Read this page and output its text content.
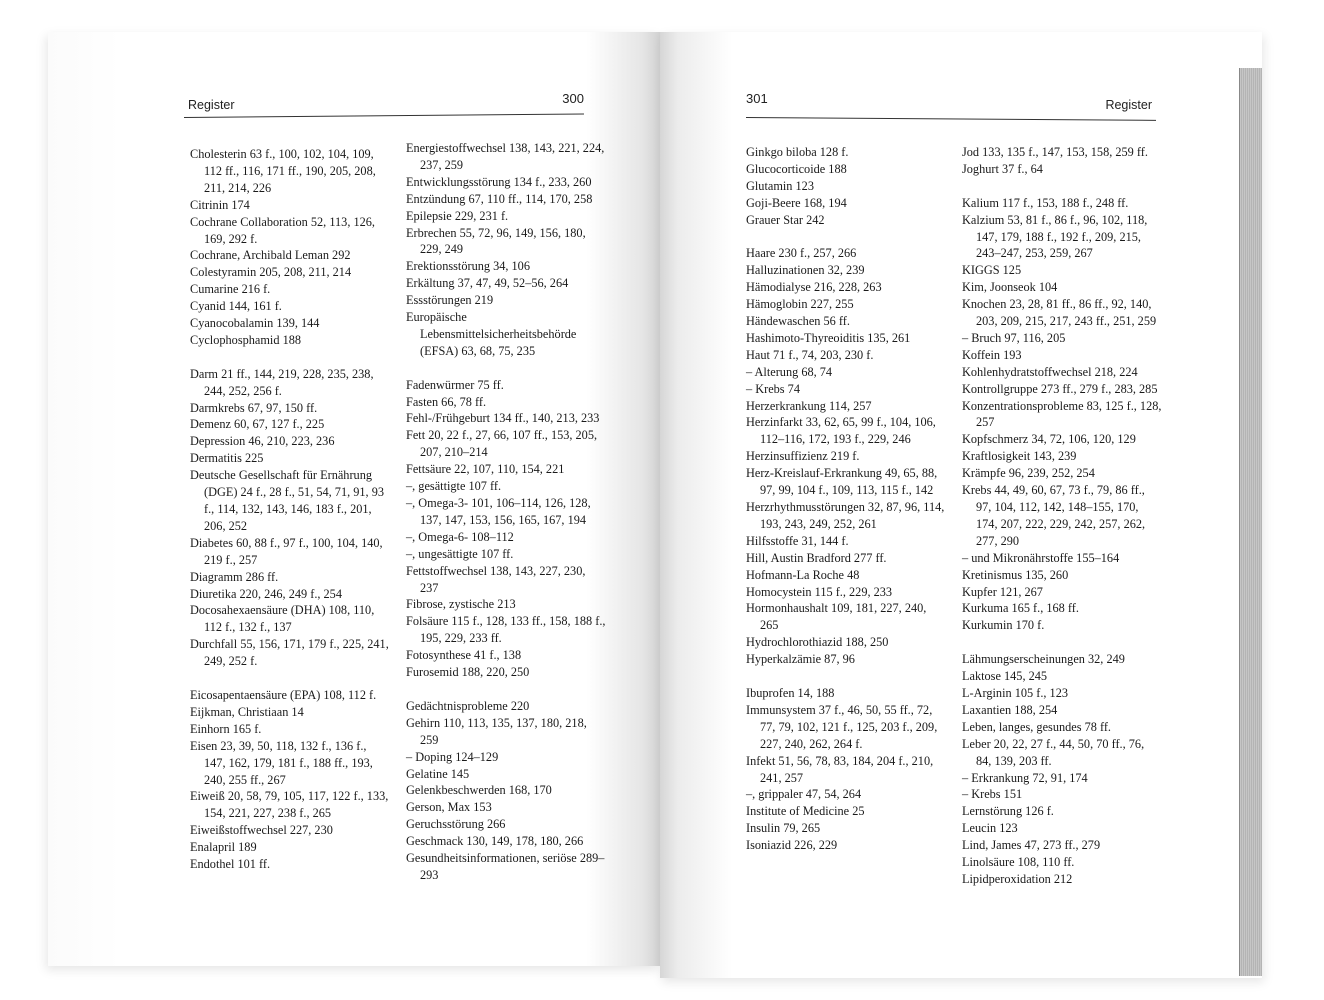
Register	300

Cholesterin 63 f., 100, 102, 104, 109, 112 ff., 116, 171 ff., 190, 205, 208, 211, 214, 226

Citrinin 174

Cochrane Collaboration 52, 113, 126, 169, 292 f.

Cochrane, Archibald Leman 292

Colestyramin 205, 208, 211, 214

Cumarine 216 f.

Cyanid 144, 161 f.

Cyanocobalamin 139, 144

Cyclophosphamid 188

Darm 21 ff., 144, 219, 228, 235, 238, 244, 252, 256 f.

Darmkrebs 67, 97, 150 ff.

Demenz 60, 67, 127 f., 225

Depression 46, 210, 223, 236

Dermatitis 225

Deutsche Gesellschaft für Ernährung (DGE) 24 f., 28 f., 51, 54, 71, 91, 93 f., 114, 132, 143, 146, 183 f., 201, 206, 252

Diabetes 60, 88 f., 97 f., 100, 104, 140, 219 f., 257

Diagramm 286 ff.

Diuretika 220, 246, 249 f., 254

Docosahexaensäure (DHA) 108, 110, 112 f., 132 f., 137

Durchfall 55, 156, 171, 179 f., 225, 241, 249, 252 f.

Eicosapentaensäure (EPA) 108, 112 f.

Eijkman, Christiaan 14

Einhorn 165 f.

Eisen 23, 39, 50, 118, 132 f., 136 f., 147, 162, 179, 181 f., 188 ff., 193, 240, 255 ff., 267

Eiweiß 20, 58, 79, 105, 117, 122 f., 133, 154, 221, 227, 238 f., 265

Eiweißstoffwechsel 227, 230

Enalapril 189

Endothel 101 ff.

Energiestoffwechsel 138, 143, 221, 224, 237, 259

Entwicklungsstörung 134 f., 233, 260

Entzündung 67, 110 ff., 114, 170, 258

Epilepsie 229, 231 f.

Erbrechen 55, 72, 96, 149, 156, 180, 229, 249

Erektionsstörung 34, 106

Erkältung 37, 47, 49, 52–56, 264

Essstörungen 219

Europäische Lebensmittelsicherheitsbehörde (EFSA) 63, 68, 75, 235

Fadenwürmer 75 ff.

Fasten 66, 78 ff.

Fehl-/Frühgeburt 134 ff., 140, 213, 233

Fett 20, 22 f., 27, 66, 107 ff., 153, 205, 207, 210–214

Fettsäure 22, 107, 110, 154, 221

–, gesättigte 107 ff.

–, Omega-3- 101, 106–114, 126, 128, 137, 147, 153, 156, 165, 167, 194

–, Omega-6- 108–112

–, ungesättigte 107 ff.

Fettstoffwechsel 138, 143, 227, 230, 237

Fibrose, zystische 213

Folsäure 115 f., 128, 133 ff., 158, 188 f., 195, 229, 233 ff.

Fotosynthese 41 f., 138

Furosemid 188, 220, 250

Gedächtnisprobleme 220

Gehirn 110, 113, 135, 137, 180, 218, 259

– Doping 124–129

Gelatine 145

Gelenkbeschwerden 168, 170

Gerson, Max 153

Geruchsstörung 266

Geschmack 130, 149, 178, 180, 266

Gesundheitsinformationen, seriöse 289–293

301	Register

Ginkgo biloba 128 f.

Glucocorticoide 188

Glutamin 123

Goji-Beere 168, 194

Grauer Star 242

Haare 230 f., 257, 266

Halluzinationen 32, 239

Hämodialyse 216, 228, 263

Hämoglobin 227, 255

Händewaschen 56 ff.

Hashimoto-Thyreoiditis 135, 261

Haut 71 f., 74, 203, 230 f.

– Alterung 68, 74

– Krebs 74

Herzerkrankung 114, 257

Herzinfarkt 33, 62, 65, 99 f., 104, 106, 112–116, 172, 193 f., 229, 246

Herzinsuffizienz 219 f.

Herz-Kreislauf-Erkrankung 49, 65, 88, 97, 99, 104 f., 109, 113, 115 f., 142

Herzrhythmusstörungen 32, 87, 96, 114, 193, 243, 249, 252, 261

Hilfsstoffe 31, 144 f.

Hill, Austin Bradford 277 ff.

Hofmann-La Roche 48

Homocystein 115 f., 229, 233

Hormonhaushalt 109, 181, 227, 240, 265

Hydrochlorothiazid 188, 250

Hyperkalzämie 87, 96

Ibuprofen 14, 188

Immunsystem 37 f., 46, 50, 55 ff., 72, 77, 79, 102, 121 f., 125, 203 f., 209, 227, 240, 262, 264 f.

Infekt 51, 56, 78, 83, 184, 204 f., 210, 241, 257

–, grippaler 47, 54, 264

Institute of Medicine 25

Insulin 79, 265

Isoniazid 226, 229

Jod 133, 135 f., 147, 153, 158, 259 ff.

Joghurt 37 f., 64

Kalium 117 f., 153, 188 f., 248 ff.

Kalzium 53, 81 f., 86 f., 96, 102, 118, 147, 179, 188 f., 192 f., 209, 215, 243–247, 253, 259, 267

KIGGS 125

Kim, Joonseok 104

Knochen 23, 28, 81 ff., 86 ff., 92, 140, 203, 209, 215, 217, 243 ff., 251, 259

– Bruch 97, 116, 205

Koffein 193

Kohlenhydratstoffwechsel 218, 224

Kontrollgruppe 273 ff., 279 f., 283, 285

Konzentrationsprobleme 83, 125 f., 128, 257

Kopfschmerz 34, 72, 106, 120, 129

Kraftlosigkeit 143, 239

Krämpfe 96, 239, 252, 254

Krebs 44, 49, 60, 67, 73 f., 79, 86 ff., 97, 104, 112, 142, 148–155, 170, 174, 207, 222, 229, 242, 257, 262, 277, 290

– und Mikronährstoffe 155–164

Kretinismus 135, 260

Kupfer 121, 267

Kurkuma 165 f., 168 ff.

Kurkumin 170 f.

Lähmungserscheinungen 32, 249

Laktose 145, 245

L-Arginin 105 f., 123

Laxantien 188, 254

Leben, langes, gesundes 78 ff.

Leber 20, 22, 27 f., 44, 50, 70 ff., 76, 84, 139, 203 ff.

– Erkrankung 72, 91, 174

– Krebs 151

Lernstörung 126 f.

Leucin 123

Lind, James 47, 273 ff., 279

Linolsäure 108, 110 ff.

Lipidperoxidation 212
